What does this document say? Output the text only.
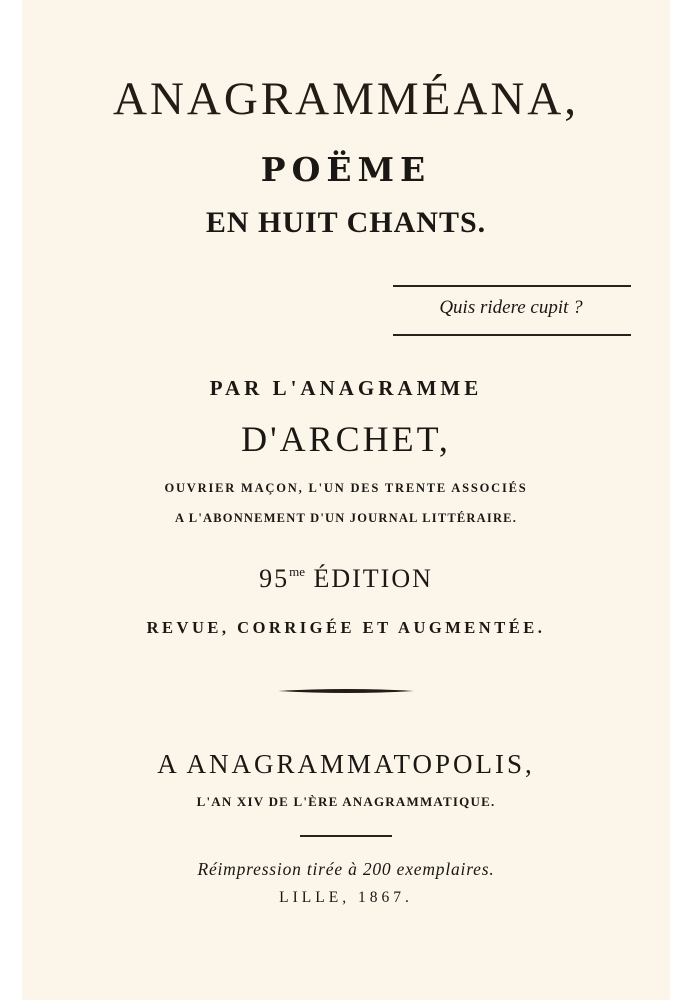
ANAGRAMMÉANA,
POËME
EN HUIT CHANTS.
Quis ridere cupit ?
PAR L'ANAGRAMME
D'ARCHET,
OUVRIER MAÇON, L'UN DES TRENTE ASSOCIÉS
A L'ABONNEMENT D'UN JOURNAL LITTÉRAIRE.
$95^{me}$ ÉDITION
REVUE, CORRIGÉE ET AUGMENTÉE.
A ANAGRAMMATOPOLIS,
L'AN XIV DE L'ÈRE ANAGRAMMATIQUE.
Réimpression tirée à 200 exemplaires.
LILLE, 1867.
